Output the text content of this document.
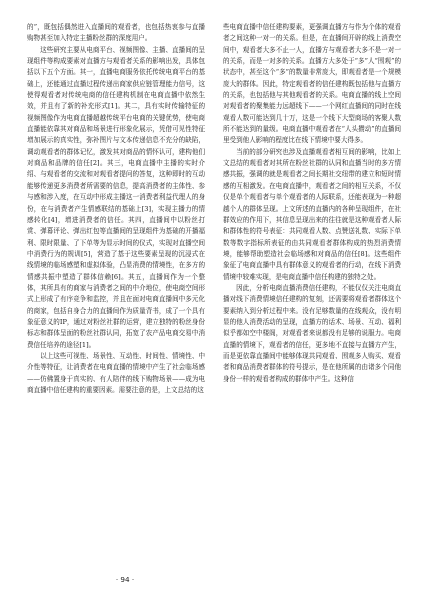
的”，既包括偶然进入直播间的观看者，也包括热衷参与直播购物甚至加入特定主播粉丝群的深度用户。

这些研究主要从电商平台、视频图像、主播、直播间的呈现组件等构成要素对直播方与观看者关系的影响出发，具体包括以下五个方面。其一，直播电商服务依托传统电商平台的基础上，还能通过直播过程传递出商家供应链管理能力信号，这使得观看者对传统电商的信任建构机制在电商直播中依然生效，并且有了新的补充形式[1]。其二，具有实时传输特征的视频图像作为电商直播超越传统平台电商的关键优势，使电商直播能依靠其对商品和场景进行形象化展示，凭借可见性特征增加展示的真实性，弥补图片与文本传递信息不充分的缺陷，调动观看者的群体记忆，激发其对商品的情怀认可，建构他们对商品和品牌的信任[2]。其三，电商直播中主播的实时介绍、与观看者的交流和对观看者提问的答复，这种即时的互动能够传递更多消费者所需要的信息，提高消费者的主体性、参与感和涉入度，在互动中形成主播这一消费者利益代理人的身份，在与消费者产生情感联结的基础上[3]，实现主播力的情感转化[4]，增进消费者的信任。其四，直播间中以粉丝打赏、弹幕评论、弹出红包等直播间的呈现组件为基础的开播福利、限时限量、了下单等为显示时间的仪式，实现对直播空间中消费行为的规训[5]，营造了基于这些要素呈现的沉浸式在线情境的临场感塑和虚拟体验，凸显消费的情境性，在多方的情感共振中塑造了群体信赖[6]。其五，直播间作为一个整体，其所具有的商家与消费者之间的中介地位，使电商空间形式上形成了有序竞争和监控，并且在面对电商直播间中多元化的商家，包括自身合力的直播间作为质量背书，成了一个具有象征意义的IP，通过对粉丝社群的运营，建立独特的粉丝身份标志和群体呈面的粉丝社群认同，拓宽了农产品电商交易中消费信任培养的途径[1]。

以上这些可视性、场景性、互动性、时间性、情境性、中介性等特征，让消费者在电商直播的情境中产生了社会临场感——仿佛置身于真实的、有人陪伴的线下购物场景——成为电商直播中信任建构的重要因素。需要注意的是，上文总结的这

些电商直播中信任建构要素，更强调直播方与作为个体的观看者之间这种一对一的关系。但是，在直播间开辟的线上消费空间中，观看者大多不止一人，直播方与观看者大多不是一对一的关系，而是一对多的关系。直播方大多处于“多”人“围观”的状态中，甚至这个“多”的数量非常庞大，即观看者是一个规模庞大的群体。因此，特定观看者的信任建构既包括他与直播方的关系，也包括他与其他观看者的关系。电商直播的线上空间对观看者的聚集能力远超线下——一个网红直播间的同时在线观看人数可能达到几十万，这是一个线下大型商场的客聚人数所不能达到的量级。电商直播中观看者在“人头攒动”的直播间里受到他人影响的程度比在线下情境中要大得多。

当前的部分研究也涉及直播观看者相互间的影响，比如上文总结的观看者对其所在粉丝社群的认同和直播当时的多方情感共振，强调的就是观看者之间长期社交纽带的建立和短时情感的互相激发。在电商直播中，观看者之间的相互关系，不仅仅是单个观看者与单个观看者的人际联系，还能表现为一种超越个人的群体呈现。上文所述的直播内的各种呈现组件，在社群效应的作用下，其信息呈现出来的往往就是这种观看者人际和群体性的符号表征：共同观看人数、点赞送礼数、实际下单数等数字指标所表征的由共同观看者群体构成的热烈消费情境，能够帮助塑造社会临场感和对商品的信任[8]。这些组件象征了电商直播中具有群体意义的观看者的行动，在线下消费情境中较难实现，是电商直播中信任构建的独特之处。

因此，分析电商直播消费信任建构，不能仅仅关注电商直播对线下消费情境信任建构的复刻，还需要将观看者群体这个要素纳入到分析过程中来。没有足够数量的在线观众，没有明显的他人消费活动的呈现，直播方的话术、场景、互动、福利似乎都如空中楼阁，对观看者来说都没有足够的说服力。电商直播的情境下，观看者的信任，更多地不直接与直播方产生，而是更依靠直播间中能够体现共同观看、围观多人购买、观看者和商品消费者群体的符号提示，是在他所属的由诸多个同他身份一样的观看者构成的群体中产生。这种信

· 94 ·
